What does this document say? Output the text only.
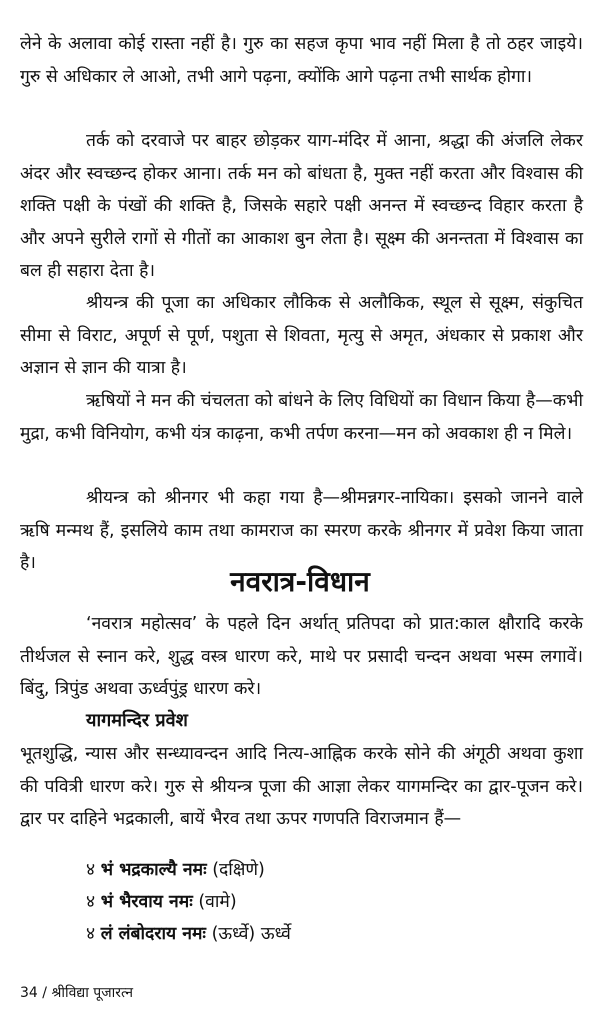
लेने के अलावा कोई रास्ता नहीं है। गुरु का सहज कृपा भाव नहीं मिला है तो ठहर जाइये। गुरु से अधिकार ले आओ, तभी आगे पढ़ना, क्योंकि आगे पढ़ना तभी सार्थक होगा।

तर्क को दरवाजे पर बाहर छोड़कर याग-मंदिर में आना, श्रद्धा की अंजलि लेकर अंदर और स्वच्छन्द होकर आना। तर्क मन को बांधता है, मुक्त नहीं करता और विश्वास की शक्ति पक्षी के पंखों की शक्ति है, जिसके सहारे पक्षी अनन्त में स्वच्छन्द विहार करता है और अपने सुरीले रागों से गीतों का आकाश बुन लेता है। सूक्ष्म की अनन्तता में विश्वास का बल ही सहारा देता है।

श्रीयन्त्र की पूजा का अधिकार लौकिक से अलौकिक, स्थूल से सूक्ष्म, संकुचित सीमा से विराट, अपूर्ण से पूर्ण, पशुता से शिवता, मृत्यु से अमृत, अंधकार से प्रकाश और अज्ञान से ज्ञान की यात्रा है।

ऋषियों ने मन की चंचलता को बांधने के लिए विधियों का विधान किया है—कभी मुद्रा, कभी विनियोग, कभी यंत्र काढ़ना, कभी तर्पण करना—मन को अवकाश ही न मिले।

श्रीयन्त्र को श्रीनगर भी कहा गया है—श्रीमन्नगर-नायिका। इसको जानने वाले ऋषि मन्मथ हैं, इसलिये काम तथा कामराज का स्मरण करके श्रीनगर में प्रवेश किया जाता है।

नवरात्र-विधान

‘नवरात्र महोत्सव’ के पहले दिन अर्थात् प्रतिपदा को प्रात:काल क्षौरादि करके तीर्थजल से स्नान करे, शुद्ध वस्त्र धारण करे, माथे पर प्रसादी चन्दन अथवा भस्म लगावें। बिंदु, त्रिपुंड अथवा ऊर्ध्वपुंड्र धारण करे।

यागमन्दिर प्रवेश

भूतशुद्धि, न्यास और सन्ध्यावन्दन आदि नित्य-आह्निक करके सोने की अंगूठी अथवा कुशा की पवित्री धारण करे। गुरु से श्रीयन्त्र पूजा की आज्ञा लेकर यागमन्दिर का द्वार-पूजन करे। द्वार पर दाहिने भद्रकाली, बायें भैरव तथा ऊपर गणपति विराजमान हैं—

४ भं भद्रकाल्यै नमः (दक्षिणे)
४ भं भैरवाय नमः (वामे)
४ लं लंबोदराय नमः (ऊर्ध्वे) ऊर्ध्वे
34 / श्रीविद्या पूजारत्न
